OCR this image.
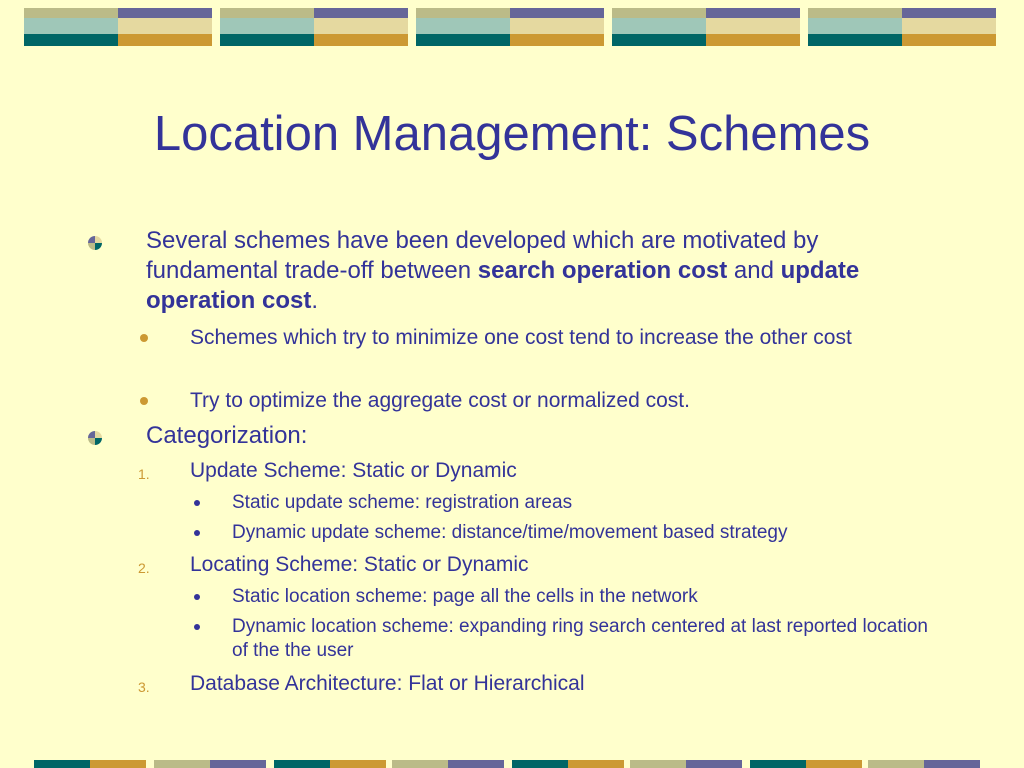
Location Management: Schemes
Several schemes have been developed which are motivated by fundamental trade-off between search operation cost and update operation cost.
Schemes which try to minimize one cost tend to increase the other cost
Try to optimize the aggregate cost or normalized cost.
Categorization:
1. Update Scheme: Static or Dynamic
Static update scheme: registration areas
Dynamic update scheme: distance/time/movement based strategy
2. Locating Scheme: Static or Dynamic
Static location scheme: page all the cells in the network
Dynamic location scheme: expanding ring search centered at last reported location of the the user
3. Database Architecture: Flat or Hierarchical
